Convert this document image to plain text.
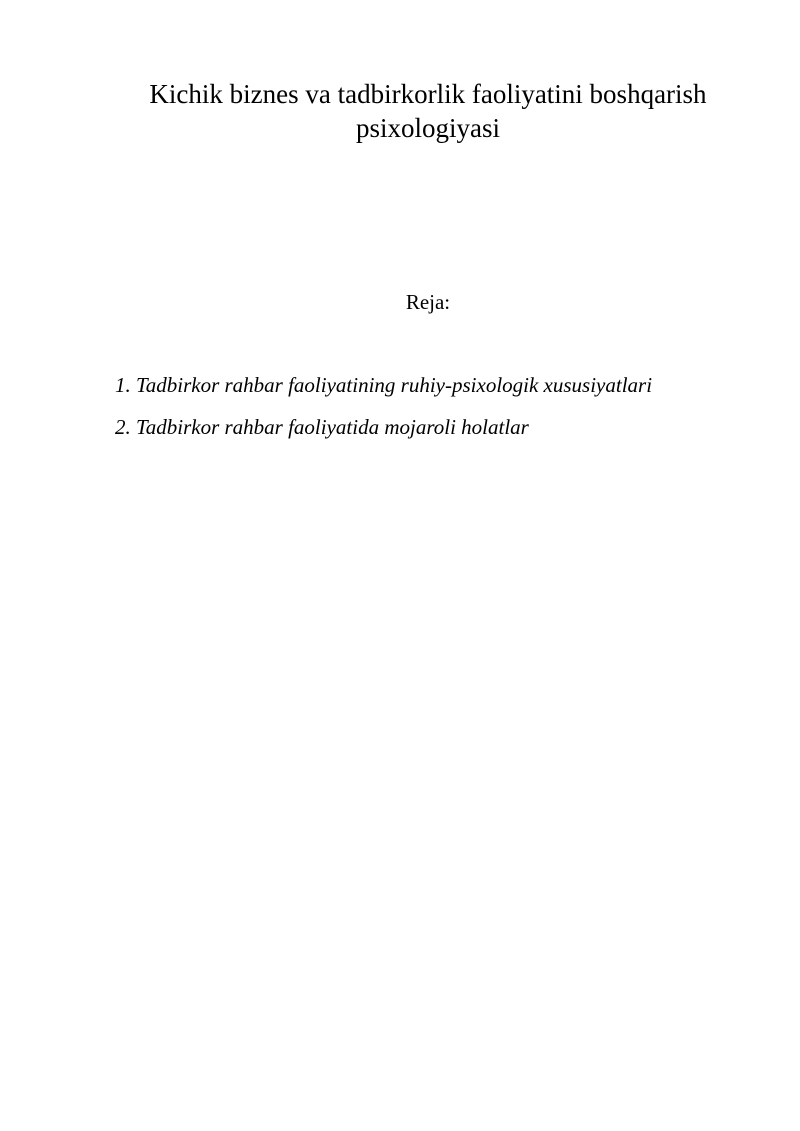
Kichik biznes va tadbirkorlik faoliyatini boshqarish
psixologiyasi

Reja:

1. Tadbirkor rahbar faoliyatining ruhiy-psixologik xususiyatlari
2. Tadbirkor rahbar faoliyatida mojaroli holatlar
